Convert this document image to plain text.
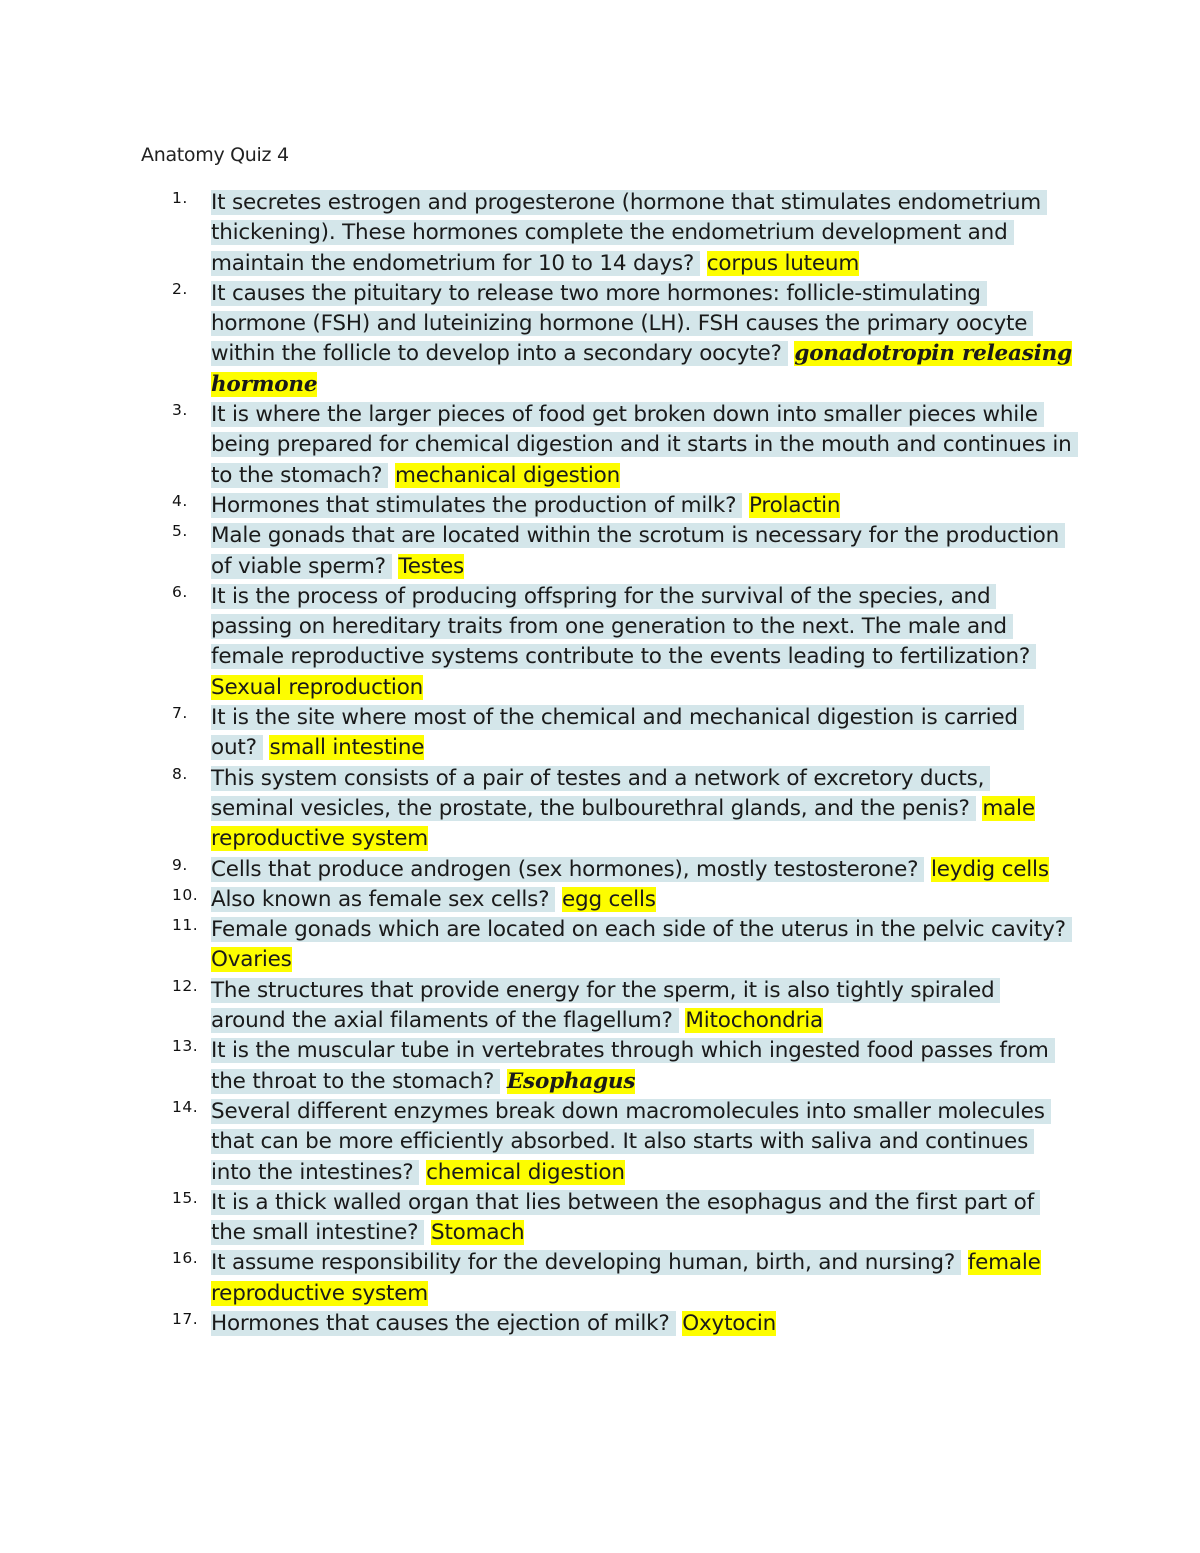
Anatomy Quiz 4
1. It secretes estrogen and progesterone (hormone that stimulates endometrium thickening). These hormones complete the endometrium development and maintain the endometrium for 10 to 14 days? corpus luteum
2. It causes the pituitary to release two more hormones: follicle-stimulating hormone (FSH) and luteinizing hormone (LH). FSH causes the primary oocyte within the follicle to develop into a secondary oocyte? gonadotropin releasing hormone
3. It is where the larger pieces of food get broken down into smaller pieces while being prepared for chemical digestion and it starts in the mouth and continues in to the stomach? mechanical digestion
4. Hormones that stimulates the production of milk? Prolactin
5. Male gonads that are located within the scrotum is necessary for the production of viable sperm? Testes
6. It is the process of producing offspring for the survival of the species, and passing on hereditary traits from one generation to the next. The male and female reproductive systems contribute to the events leading to fertilization? Sexual reproduction
7. It is the site where most of the chemical and mechanical digestion is carried out? small intestine
8. This system consists of a pair of testes and a network of excretory ducts, seminal vesicles, the prostate, the bulbourethral glands, and the penis? male reproductive system
9. Cells that produce androgen (sex hormones), mostly testosterone? leydig cells
10. Also known as female sex cells? egg cells
11. Female gonads which are located on each side of the uterus in the pelvic cavity? Ovaries
12. The structures that provide energy for the sperm, it is also tightly spiraled around the axial filaments of the flagellum? Mitochondria
13. It is the muscular tube in vertebrates through which ingested food passes from the throat to the stomach? Esophagus
14. Several different enzymes break down macromolecules into smaller molecules that can be more efficiently absorbed. It also starts with saliva and continues into the intestines? chemical digestion
15. It is a thick walled organ that lies between the esophagus and the first part of the small intestine? Stomach
16. It assume responsibility for the developing human, birth, and nursing? female reproductive system
17. Hormones that causes the ejection of milk? Oxytocin
